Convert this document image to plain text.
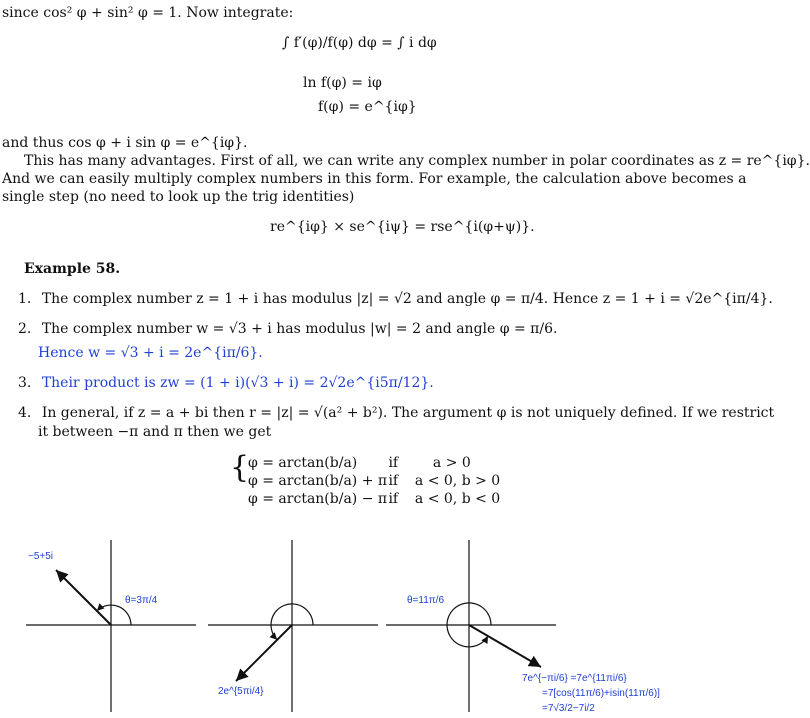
since cos² φ + sin² φ = 1. Now integrate:
∫ f′(φ)/f(φ) dφ = ∫ i dφ
ln f(φ) = iφ
f(φ) = e^{iφ}
and thus cos φ + i sin φ = e^{iφ}.
This has many advantages. First of all, we can write any complex number in polar coordinates as z = re^{iφ}.
And we can easily multiply complex numbers in this form. For example, the calculation above becomes a
single step (no need to look up the trig identities)
re^{iφ} × se^{iψ} = rse^{i(φ+ψ)}.
Example 58.
1. The complex number z = 1 + i has modulus |z| = √2 and angle φ = π/4. Hence z = 1 + i = √2e^{iπ/4}.
2. The complex number w = √3 + i has modulus |w| = 2 and angle φ = π/6.
Hence w = √3 + i = 2e^{iπ/6}.
3. Their product is zw = (1 + i)(√3 + i) = 2√2e^{i5π/12}.
4. In general, if z = a + bi then r = |z| = √(a² + b²). The argument φ is not uniquely defined. If we restrict
it between −π and π then we get
{
φ = arctan(b/a) if a > 0
φ = arctan(b/a) + π if a < 0, b > 0
φ = arctan(b/a) − π if a < 0, b < 0
−5+5i
θ=3π/4
2e^{5πi/4}
θ=11π/6
7e^{−πi/6} =7e^{11πi/6}
=7[cos(11π/6)+isin(11π/6)]
=7√3/2−7i/2
